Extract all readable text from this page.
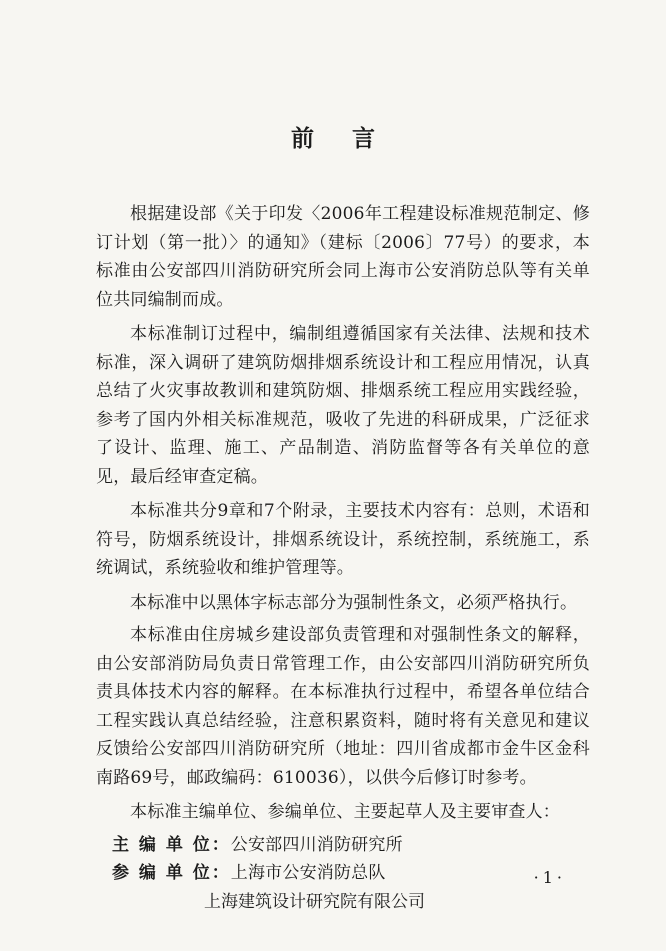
前言

根据建设部《关于印发〈2006年工程建设标准规范制定、修订计划（第一批）〉的通知》（建标〔2006〕77号）的要求，本标准由公安部四川消防研究所会同上海市公安消防总队等有关单位共同编制而成。

本标准制订过程中，编制组遵循国家有关法律、法规和技术标准，深入调研了建筑防烟排烟系统设计和工程应用情况，认真总结了火灾事故教训和建筑防烟、排烟系统工程应用实践经验，参考了国内外相关标准规范，吸收了先进的科研成果，广泛征求了设计、监理、施工、产品制造、消防监督等各有关单位的意见，最后经审查定稿。

本标准共分9章和7个附录，主要技术内容有：总则，术语和符号，防烟系统设计，排烟系统设计，系统控制，系统施工，系统调试，系统验收和维护管理等。

本标准中以黑体字标志部分为强制性条文，必须严格执行。

本标准由住房城乡建设部负责管理和对强制性条文的解释，由公安部消防局负责日常管理工作，由公安部四川消防研究所负责具体技术内容的解释。在本标准执行过程中，希望各单位结合工程实践认真总结经验，注意积累资料，随时将有关意见和建议反馈给公安部四川消防研究所（地址：四川省成都市金牛区金科南路69号，邮政编码：610036），以供今后修订时参考。

本标准主编单位、参编单位、主要起草人及主要审查人：

主 编 单 位：公安部四川消防研究所

参 编 单 位：上海市公安消防总队

上海建筑设计研究院有限公司

·1·
